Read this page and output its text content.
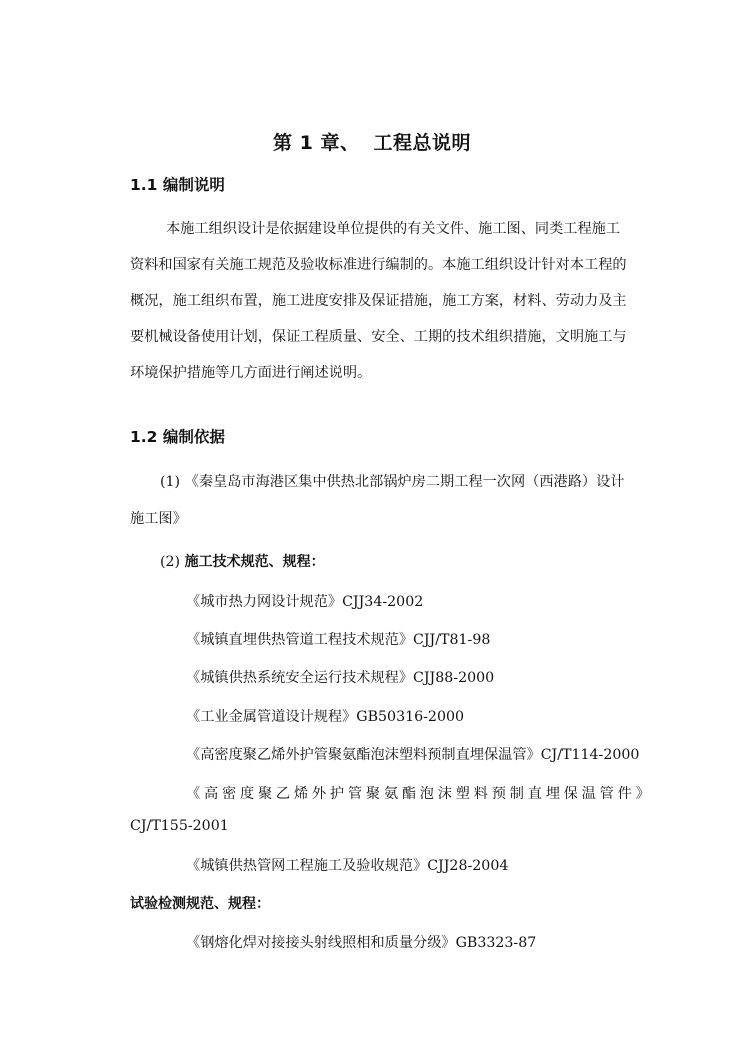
第 1 章、 工程总说明
1.1 编制说明
本施工组织设计是依据建设单位提供的有关文件、施工图、同类工程施工
资料和国家有关施工规范及验收标准进行编制的。本施工组织设计针对本工程的
概况，施工组织布置，施工进度安排及保证措施，施工方案，材料、劳动力及主
要机械设备使用计划，保证工程质量、安全、工期的技术组织措施，文明施工与
环境保护措施等几方面进行阐述说明。
1.2 编制依据
(1) 《秦皇岛市海港区集中供热北部锅炉房二期工程一次网（西港路）设计
施工图》
(2) 施工技术规范、规程：
《城市热力网设计规范》CJJ34-2002
《城镇直埋供热管道工程技术规范》CJJ/T81-98
《城镇供热系统安全运行技术规程》CJJ88-2000
《工业金属管道设计规程》GB50316-2000
《高密度聚乙烯外护管聚氨酯泡沫塑料预制直埋保温管》CJ/T114-2000
《 高 密 度 聚 乙 烯 外 护 管 聚 氨 酯 泡 沫 塑 料 预 制 直 埋 保 温 管 件 》
CJ/T155-2001
《城镇供热管网工程施工及验收规范》CJJ28-2004
试验检测规范、规程：
《钢熔化焊对接接头射线照相和质量分级》GB3323-87
